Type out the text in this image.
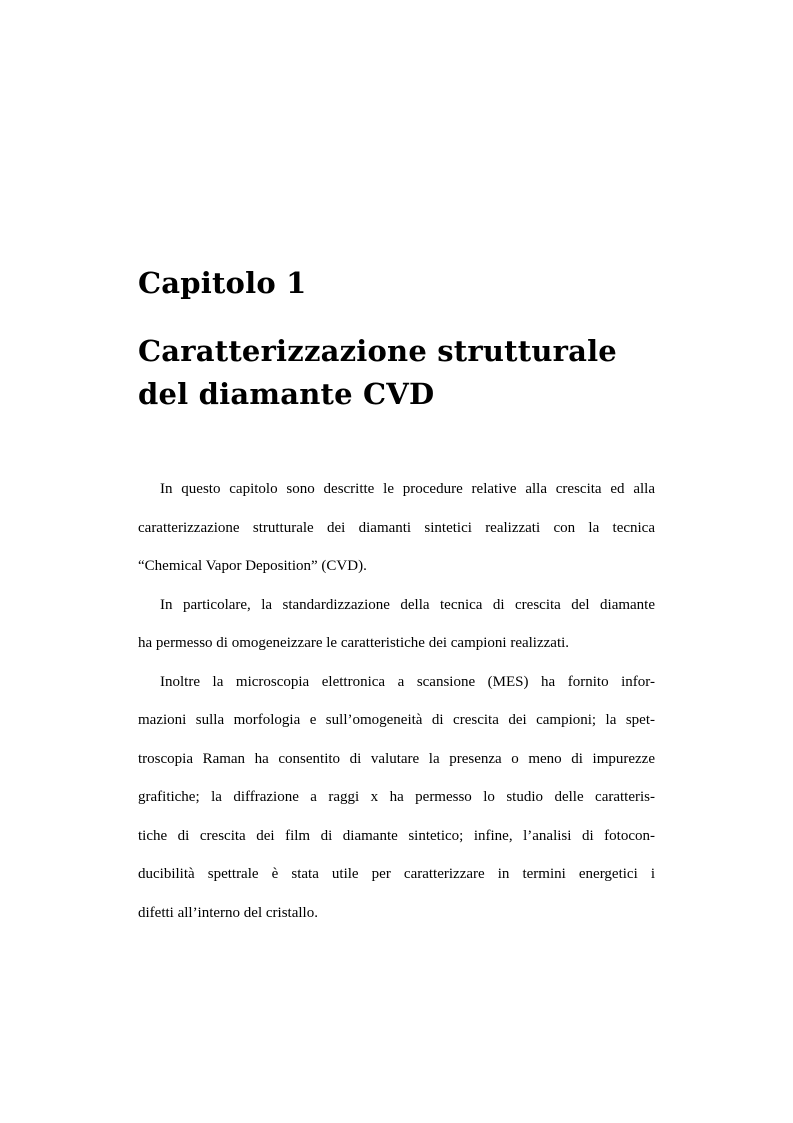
Capitolo 1
Caratterizzazione strutturale
del diamante CVD
In questo capitolo sono descritte le procedure relative alla crescita ed alla
caratterizzazione strutturale dei diamanti sintetici realizzati con la tecnica
“Chemical Vapor Deposition” (CVD).
In particolare, la standardizzazione della tecnica di crescita del diamante
ha permesso di omogeneizzare le caratteristiche dei campioni realizzati.
Inoltre la microscopia elettronica a scansione (MES) ha fornito infor-
mazioni sulla morfologia e sull’omogeneità di crescita dei campioni; la spet-
troscopia Raman ha consentito di valutare la presenza o meno di impurezze
grafitiche; la diffrazione a raggi x ha permesso lo studio delle caratteris-
tiche di crescita dei film di diamante sintetico; infine, l’analisi di fotocon-
ducibilità spettrale è stata utile per caratterizzare in termini energetici i
difetti all’interno del cristallo.
